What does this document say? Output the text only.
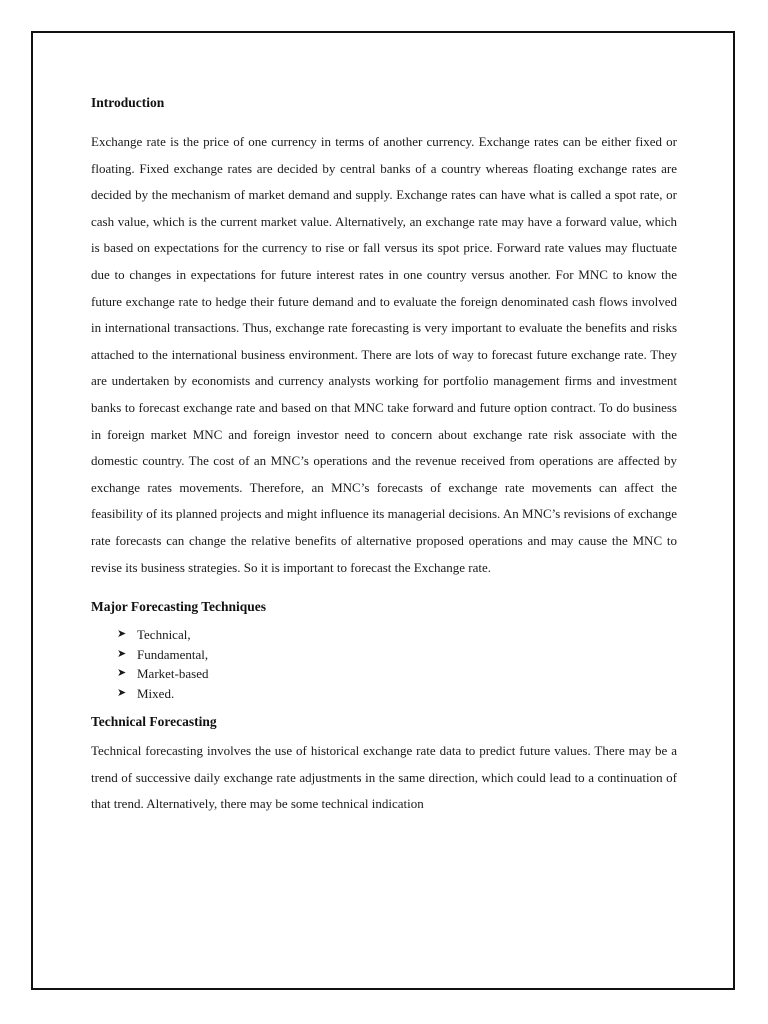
Introduction

Exchange rate is the price of one currency in terms of another currency. Exchange rates can be either fixed or floating. Fixed exchange rates are decided by central banks of a country whereas floating exchange rates are decided by the mechanism of market demand and supply. Exchange rates can have what is called a spot rate, or cash value, which is the current market value. Alternatively, an exchange rate may have a forward value, which is based on expectations for the currency to rise or fall versus its spot price. Forward rate values may fluctuate due to changes in expectations for future interest rates in one country versus another. For MNC to know the future exchange rate to hedge their future demand and to evaluate the foreign denominated cash flows involved in international transactions. Thus, exchange rate forecasting is very important to evaluate the benefits and risks attached to the international business environment. There are lots of way to forecast future exchange rate. They are undertaken by economists and currency analysts working for portfolio management firms and investment banks to forecast exchange rate and based on that MNC take forward and future option contract. To do business in foreign market MNC and foreign investor need to concern about exchange rate risk associate with the domestic country. The cost of an MNC’s operations and the revenue received from operations are affected by exchange rates movements. Therefore, an MNC’s forecasts of exchange rate movements can affect the feasibility of its planned projects and might influence its managerial decisions. An MNC’s revisions of exchange rate forecasts can change the relative benefits of alternative proposed operations and may cause the MNC to revise its business strategies. So it is important to forecast the Exchange rate.

Major Forecasting Techniques
➤ Technical,
➤ Fundamental,
➤ Market-based
➤ Mixed.
Technical Forecasting

Technical forecasting involves the use of historical exchange rate data to predict future values. There may be a trend of successive daily exchange rate adjustments in the same direction, which could lead to a continuation of that trend. Alternatively, there may be some technical indication
